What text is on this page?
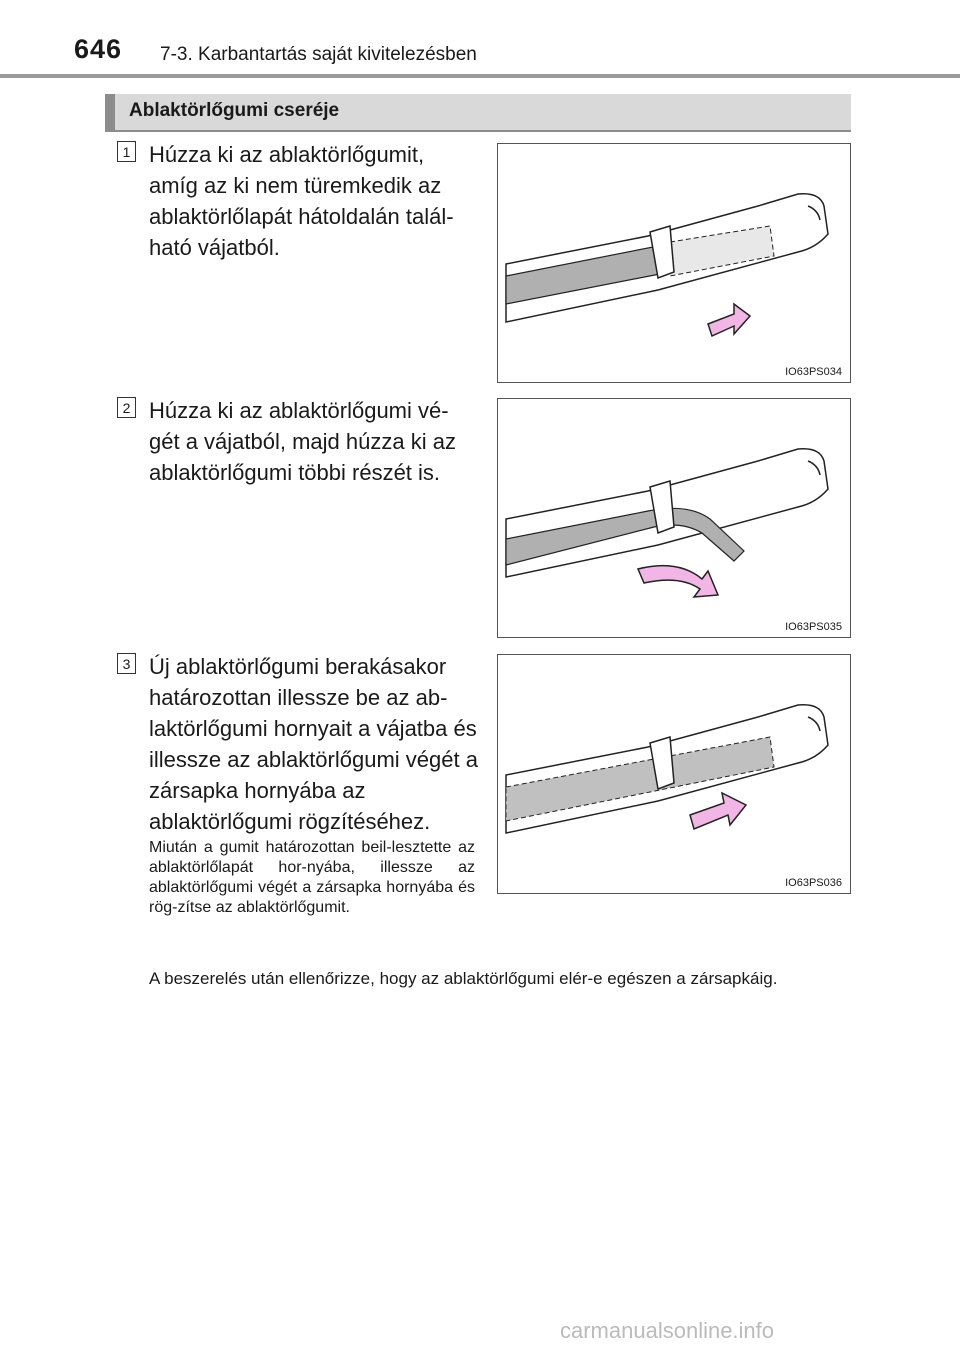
646 7-3. Karbantartás saját kivitelezésben
Ablaktörlőgumi cseréje
1 Húzza ki az ablaktörlőgumit, amíg az ki nem türemkedik az ablaktörlőlapát hátoldalán talál-ható vájatból.

IO63PS034
2 Húzza ki az ablaktörlőgumi vé-gét a vájatból, majd húzza ki az ablaktörlőgumi többi részét is.

IO63PS035
3 Új ablaktörlőgumi berakásakor határozottan illessze be az ab-laktörlőgumi hornyait a vájatba és illessze az ablaktörlőgumi végét a zársapka hornyába az ablaktörlőgumi rögzítéséhez.

Miután a gumit határozottan beil-lesztette az ablaktörlőlapát hor-nyába, illessze az ablaktörlőgumi végét a zársapka hornyába és rög-zítse az ablaktörlőgumit.

IO63PS036

A beszerelés után ellenőrizze, hogy az ablaktörlőgumi elér-e egészen a zársapkáig.

carmanualsonline.info
